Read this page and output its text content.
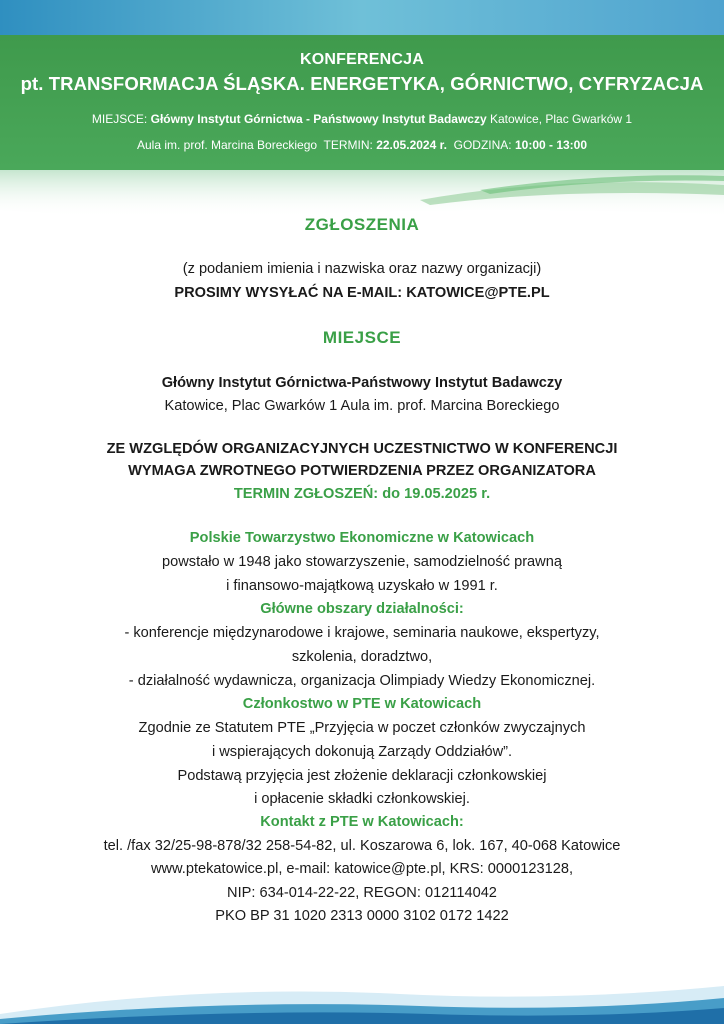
KONFERENCJA
pt. TRANSFORMACJA ŚLĄSKA. ENERGETYKA, GÓRNICTWO, CYFRYZACJA
MIEJSCE: Główny Instytut Górnictwa - Państwowy Instytut Badawczy Katowice, Plac Gwarków 1
Aula im. prof. Marcina Boreckiego TERMIN: 22.05.2024 r. GODZINA: 10:00 - 13:00
ZGŁOSZENIA
(z podaniem imienia i nazwiska oraz nazwy organizacji)
PROSIMY WYSYŁAĆ NA E-MAIL: KATOWICE@PTE.PL
MIEJSCE
Główny Instytut Górnictwa-Państwowy Instytut Badawczy
Katowice, Plac Gwarków 1 Aula im. prof. Marcina Boreckiego
ZE WZGLĘDÓW ORGANIZACYJNYCH UCZESTNICTWO W KONFERENCJI
WYMAGA ZWROTNEGO POTWIERDZENIA PRZEZ ORGANIZATORA
TERMIN ZGŁOSZEŃ: do 19.05.2025 r.
Polskie Towarzystwo Ekonomiczne w Katowicach
powstało w 1948 jako stowarzyszenie, samodzielność prawną
i finansowo-majątkową uzyskało w 1991 r.
Główne obszary działalności:
- konferencje międzynarodowe i krajowe, seminaria naukowe, ekspertyzy,
szkolenia, doradztwo,
- działalność wydawnicza, organizacja Olimpiady Wiedzy Ekonomicznej.
Członkostwo w PTE w Katowicach
Zgodnie ze Statutem PTE „Przyjęcia w poczet członków zwyczajnych
i wspierających dokonują Zarządy Oddziałów”.
Podstawą przyjęcia jest złożenie deklaracji członkowskiej
i opłacenie składki członkowskiej.
Kontakt z PTE w Katowicach:
tel. /fax 32/25-98-878/32 258-54-82, ul. Koszarowa 6, lok. 167, 40-068 Katowice
www.ptekatowice.pl, e-mail: katowice@pte.pl, KRS: 0000123128,
NIP: 634-014-22-22, REGON: 012114042
PKO BP 31 1020 2313 0000 3102 0172 1422
